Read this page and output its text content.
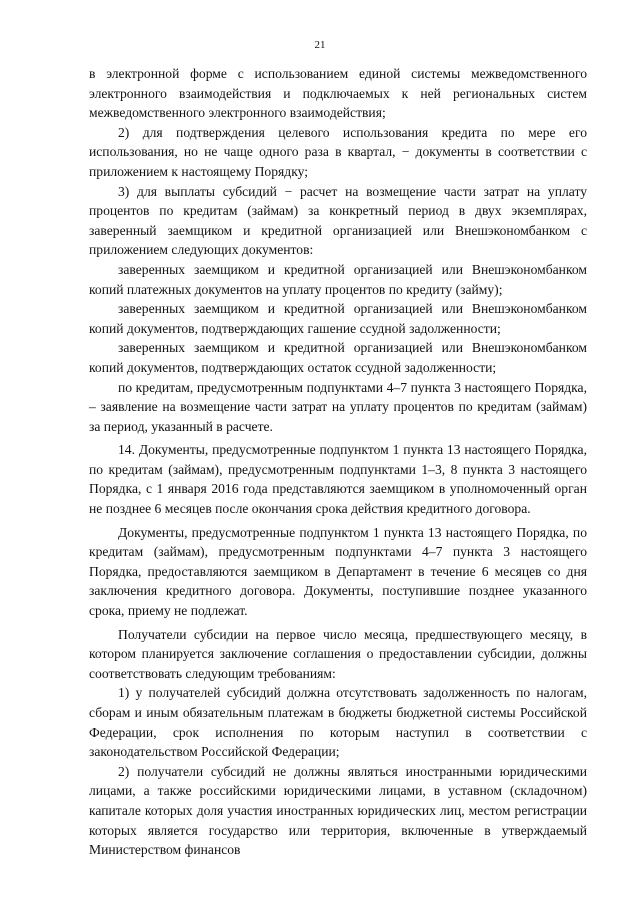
21

в электронной форме с использованием единой системы межведомственного электронного взаимодействия и подключаемых к ней региональных систем межведомственного электронного взаимодействия;

2) для подтверждения целевого использования кредита по мере его использования, но не чаще одного раза в квартал, − документы в соответствии с приложением к настоящему Порядку;

3) для выплаты субсидий − расчет на возмещение части затрат на уплату процентов по кредитам (займам) за конкретный период в двух экземплярах, заверенный заемщиком и кредитной организацией или Внешэкономбанком с приложением следующих документов:

заверенных заемщиком и кредитной организацией или Внешэкономбанком копий платежных документов на уплату процентов по кредиту (займу);

заверенных заемщиком и кредитной организацией или Внешэкономбанком копий документов, подтверждающих гашение ссудной задолженности;

заверенных заемщиком и кредитной организацией или Внешэкономбанком копий документов, подтверждающих остаток ссудной задолженности;

по кредитам, предусмотренным подпунктами 4–7 пункта 3 настоящего Порядка, – заявление на возмещение части затрат на уплату процентов по кредитам (займам) за период, указанный в расчете.

14. Документы, предусмотренные подпунктом 1 пункта 13 настоящего Порядка, по кредитам (займам), предусмотренным подпунктами 1–3, 8 пункта 3 настоящего Порядка, с 1 января 2016 года представляются заемщиком в уполномоченный орган не позднее 6 месяцев после окончания срока действия кредитного договора.

Документы, предусмотренные подпунктом 1 пункта 13 настоящего Порядка, по кредитам (займам), предусмотренным подпунктами 4–7 пункта 3 настоящего Порядка, предоставляются заемщиком в Департамент в течение 6 месяцев со дня заключения кредитного договора. Документы, поступившие позднее указанного срока, приему не подлежат.

Получатели субсидии на первое число месяца, предшествующего месяцу, в котором планируется заключение соглашения о предоставлении субсидии, должны соответствовать следующим требованиям:

1) у получателей субсидий должна отсутствовать задолженность по налогам, сборам и иным обязательным платежам в бюджеты бюджетной системы Российской Федерации, срок исполнения по которым наступил в соответствии с законодательством Российской Федерации;

2) получатели субсидий не должны являться иностранными юридическими лицами, а также российскими юридическими лицами, в уставном (складочном) капитале которых доля участия иностранных юридических лиц, местом регистрации которых является государство или территория, включенные в утверждаемый Министерством финансов
